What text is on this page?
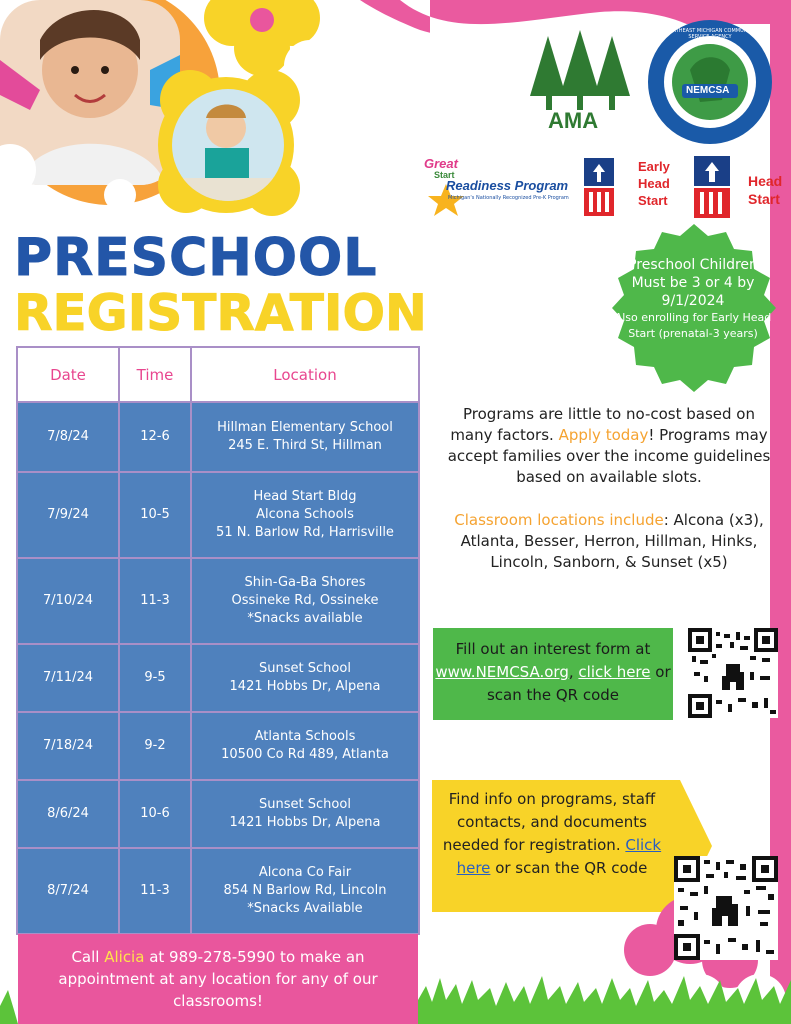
AMA
NEMCSA
NORTHEAST MICHIGAN COMMUNITY SERVICE AGENCY
Great
Start
Readiness Program
Michigan's Nationally Recognized Pre-K Program
Early Head Start
Head Start
PRESCHOOL
REGISTRATION
Date	Time	Location
7/8/24	12-6	Hillman Elementary School
245 E. Third St, Hillman

7/9/24	10-5	Head Start Bldg
Alcona Schools
51 N. Barlow Rd, Harrisville

7/10/24	11-3	Shin-Ga-Ba Shores
Ossineke Rd, Ossineke
*Snacks available

7/11/24	9-5	Sunset School
1421 Hobbs Dr, Alpena

7/18/24	9-2	Atlanta Schools
10500 Co Rd 489, Atlanta

8/6/24	10-6	Sunset School
1421 Hobbs Dr, Alpena

8/7/24	11-3	Alcona Co Fair
854 N Barlow Rd, Lincoln
*Snacks Available
Call Alicia at 989-278-5990 to make an appointment at any location for any of our classrooms!
Preschool Children Must be 3 or 4 by 9/1/2024
Also enrolling for Early Head Start (prenatal-3 years)
Programs are little to no-cost based on many factors. Apply today! Programs may accept families over the income guidelines based on available slots.
Classroom locations include: Alcona (x3), Atlanta, Besser, Herron, Hillman, Hinks, Lincoln, Sanborn, & Sunset (x5)
Fill out an interest form at www.NEMCSA.org, click here or scan the QR code
Find info on programs, staff contacts, and documents needed for registration. Click here or scan the QR code
